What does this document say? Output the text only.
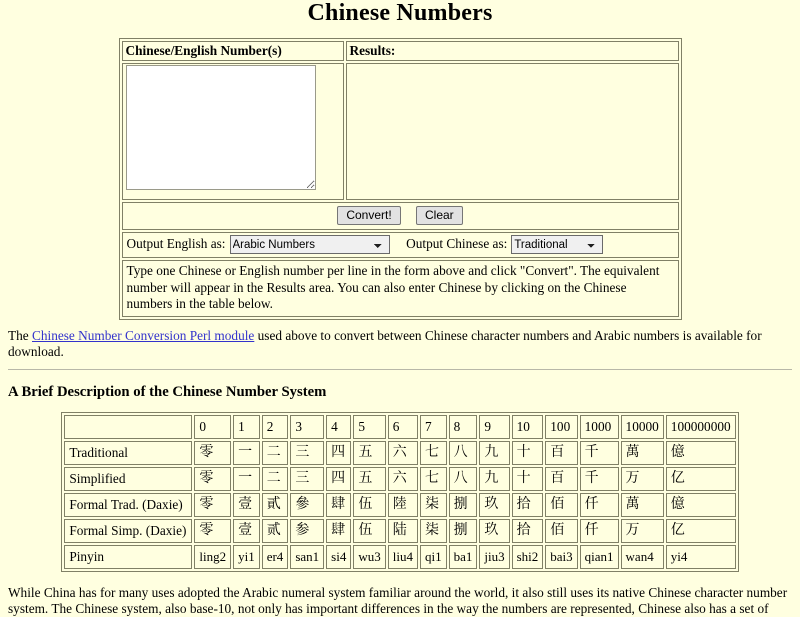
Chinese Numbers
Chinese/English Number(s)	Results:

Convert! Clear	
Output English as:
Arabic Numbers Output Chinese as:
Traditional
Type one Chinese or English number per line in the form above and click "Convert". The equivalent number will appear in the Results area. You can also enter Chinese by clicking on the Chinese numbers in the table below.	

The Chinese Number Conversion Perl module used above to convert between Chinese character numbers and Arabic numbers is available for download.

A Brief Description of the Chinese Number System
	0	1	2	3	4	5	6	7	8	9	10	100	1000	10000	100000000
Traditional	零	一	二	三	四	五	六	七	八	九	十	百	千	萬	億
Simplified	零	一	二	三	四	五	六	七	八	九	十	百	千	万	亿
Formal Trad. (Daxie)	零	壹	貳	參	肆	伍	陸	柒	捌	玖	拾	佰	仟	萬	億
Formal Simp. (Daxie)	零	壹	贰	参	肆	伍	陆	柒	捌	玖	拾	佰	仟	万	亿
Pinyin	ling2	yi1	er4	san1	si4	wu3	liu4	qi1	ba1	jiu3	shi2	bai3	qian1	wan4	yi4

While China has for many uses adopted the Arabic numeral system familiar around the world, it also still uses its native Chinese character number system. The Chinese system, also base-10, not only has important differences in the way the numbers are represented, Chinese also has a set of
